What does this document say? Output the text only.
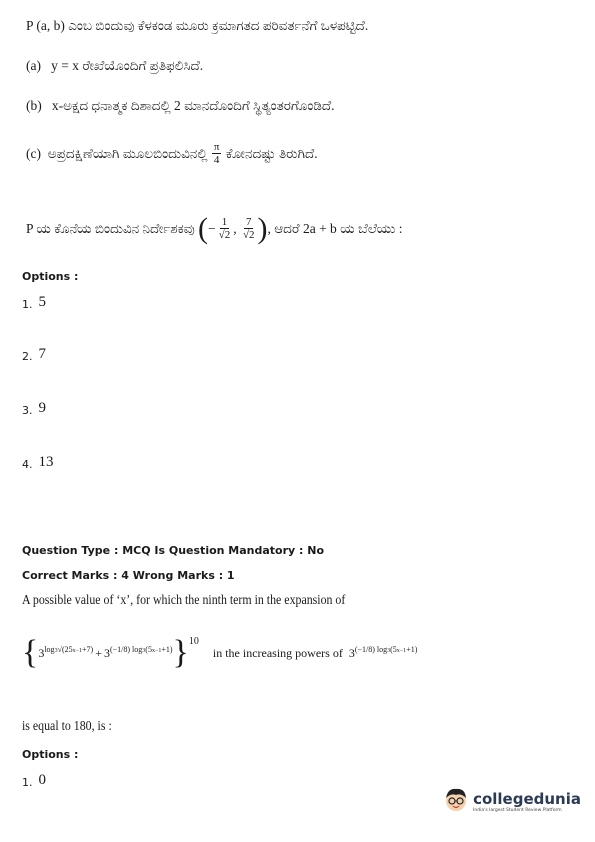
P (a, b) ಎಂಬ ಬಿಂದುವು ಕೆಳಕಂಡ ಮೂರು ಕ್ರಮಾಗತದ ಪರಿವರ್ತನೆಗೆ ಒಳಪಟ್ಟಿದೆ.
(a) y = x ರೇಖೆಯೊಂದಿಗೆ ಪ್ರತಿಫಲಿಸಿದೆ.
(b) x-ಅಕ್ಷದ ಧನಾತ್ಮಕ ದಿಶಾದಲ್ಲಿ 2 ಮಾನದೊಂದಿಗೆ ಸ್ಥಿತ್ಯಂತರಗೊಂಡಿದೆ.
(c)
ಅಪ್ರದಕ್ಷಿಣೆಯಾಗಿ ಮೂಲಬಿಂದುವಿನಲ್ಲಿ
$\frac{\pi}{4}$
ಕೋನದಷ್ಟು ತಿರುಗಿದೆ.
P ಯ ಕೊನೆಯ ಬಿಂದುವಿನ ನಿರ್ದೇಶಕವು
( − $\frac{1}{√2}$ , $\frac{7}{√2}$ ) , ಆದರೆ 2a + b ಯ ಬೆಲೆಯು :
Options :
1. 5
2. 7
3. 9
4. 13
Question Type : MCQ Is Question Mandatory : No
Correct Marks : 4 Wrong Marks : 1
A possible value of ‘x’, for which the ninth term in the expansion of
{ $3^{log3√(25x-1+7)} + 3^{(-1/8) log3(5x-1+1)}$ } 10
in the increasing powers of $3^{(-1/8) log3(5x-1+1)}$
is equal to 180, is :
Options :
1. 0
collegedunia
India's largest Student Review Platform
